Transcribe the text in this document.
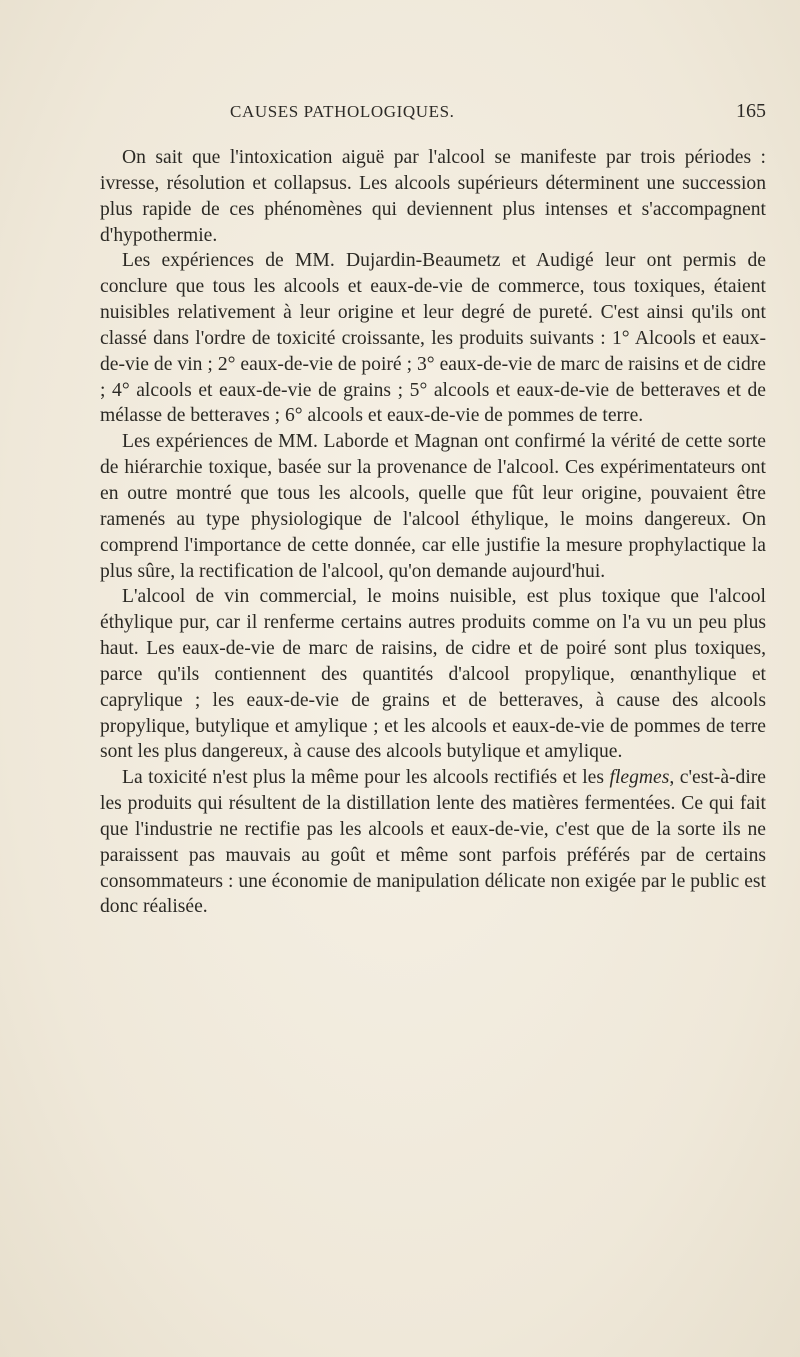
CAUSES PATHOLOGIQUES.	165

On sait que l'intoxication aiguë par l'alcool se manifeste par trois périodes : ivresse, résolution et collapsus. Les alcools supérieurs déterminent une succession plus rapide de ces phénomènes qui deviennent plus intenses et s'accompagnent d'hypothermie.

Les expériences de MM. Dujardin-Beaumetz et Audigé leur ont permis de conclure que tous les alcools et eaux-de-vie de commerce, tous toxiques, étaient nuisibles relativement à leur origine et leur degré de pureté. C'est ainsi qu'ils ont classé dans l'ordre de toxicité croissante, les produits suivants : 1° Alcools et eaux-de-vie de vin ; 2° eaux-de-vie de poiré ; 3° eaux-de-vie de marc de raisins et de cidre ; 4° alcools et eaux-de-vie de grains ; 5° alcools et eaux-de-vie de betteraves et de mélasse de betteraves ; 6° alcools et eaux-de-vie de pommes de terre.

Les expériences de MM. Laborde et Magnan ont confirmé la vérité de cette sorte de hiérarchie toxique, basée sur la provenance de l'alcool. Ces expérimentateurs ont en outre montré que tous les alcools, quelle que fût leur origine, pouvaient être ramenés au type physiologique de l'alcool éthylique, le moins dangereux. On comprend l'importance de cette donnée, car elle justifie la mesure prophylactique la plus sûre, la rectification de l'alcool, qu'on demande aujourd'hui.

L'alcool de vin commercial, le moins nuisible, est plus toxique que l'alcool éthylique pur, car il renferme certains autres produits comme on l'a vu un peu plus haut. Les eaux-de-vie de marc de raisins, de cidre et de poiré sont plus toxiques, parce qu'ils contiennent des quantités d'alcool propylique, œnanthylique et caprylique ; les eaux-de-vie de grains et de betteraves, à cause des alcools propylique, butylique et amylique ; et les alcools et eaux-de-vie de pommes de terre sont les plus dangereux, à cause des alcools butylique et amylique.

La toxicité n'est plus la même pour les alcools rectifiés et les flegmes, c'est-à-dire les produits qui résultent de la distillation lente des matières fermentées. Ce qui fait que l'industrie ne rectifie pas les alcools et eaux-de-vie, c'est que de la sorte ils ne paraissent pas mauvais au goût et même sont parfois préférés par de certains consommateurs : une économie de manipulation délicate non exigée par le public est donc réalisée.
